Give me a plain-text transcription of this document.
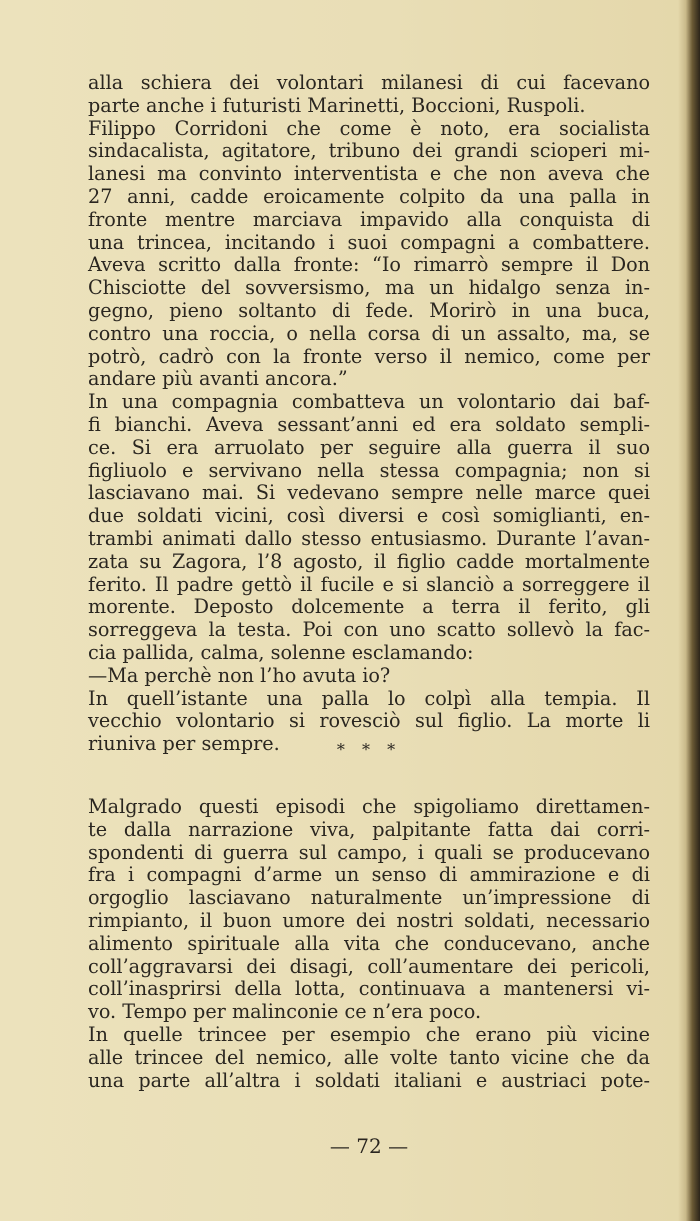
alla schiera dei volontari milanesi di cui facevano
parte anche i futuristi Marinetti, Boccioni, Ruspoli.
Filippo Corridoni che come è noto, era socialista
sindacalista, agitatore, tribuno dei grandi scioperi mi-
lanesi ma convinto interventista e che non aveva che
27 anni, cadde eroicamente colpito da una palla in
fronte mentre marciava impavido alla conquista di
una trincea, incitando i suoi compagni a combattere.
Aveva scritto dalla fronte: “Io rimarrò sempre il Don
Chisciotte del sovversismo, ma un hidalgo senza in-
gegno, pieno soltanto di fede. Morirò in una buca,
contro una roccia, o nella corsa di un assalto, ma, se
potrò, cadrò con la fronte verso il nemico, come per
andare più avanti ancora.”
In una compagnia combatteva un volontario dai baf-
fi bianchi. Aveva sessant’anni ed era soldato sempli-
ce. Si era arruolato per seguire alla guerra il suo
figliuolo e servivano nella stessa compagnia; non si
lasciavano mai. Si vedevano sempre nelle marce quei
due soldati vicini, così diversi e così somiglianti, en-
trambi animati dallo stesso entusiasmo. Durante l’avan-
zata su Zagora, l’8 agosto, il figlio cadde mortalmente
ferito. Il padre gettò il fucile e si slanciò a sorreggere il
morente. Deposto dolcemente a terra il ferito, gli
sorreggeva la testa. Poi con uno scatto sollevò la fac-
cia pallida, calma, solenne esclamando:
—Ma perchè non l’ho avuta io?
In quell’istante una palla lo colpì alla tempia. Il
vecchio volontario si rovesciò sul figlio. La morte li
riuniva per sempre.	* * *
Malgrado questi episodi che spigoliamo direttamen-
te dalla narrazione viva, palpitante fatta dai corri-
spondenti di guerra sul campo, i quali se producevano
fra i compagni d’arme un senso di ammirazione e di
orgoglio lasciavano naturalmente un’impressione di
rimpianto, il buon umore dei nostri soldati, necessario
alimento spirituale alla vita che conducevano, anche
coll’aggravarsi dei disagi, coll’aumentare dei pericoli,
coll’inasprirsi della lotta, continuava a mantenersi vi-
vo. Tempo per malinconie ce n’era poco.
In quelle trincee per esempio che erano più vicine
alle trincee del nemico, alle volte tanto vicine che da
una parte all’altra i soldati italiani e austriaci pote-
— 72 —
